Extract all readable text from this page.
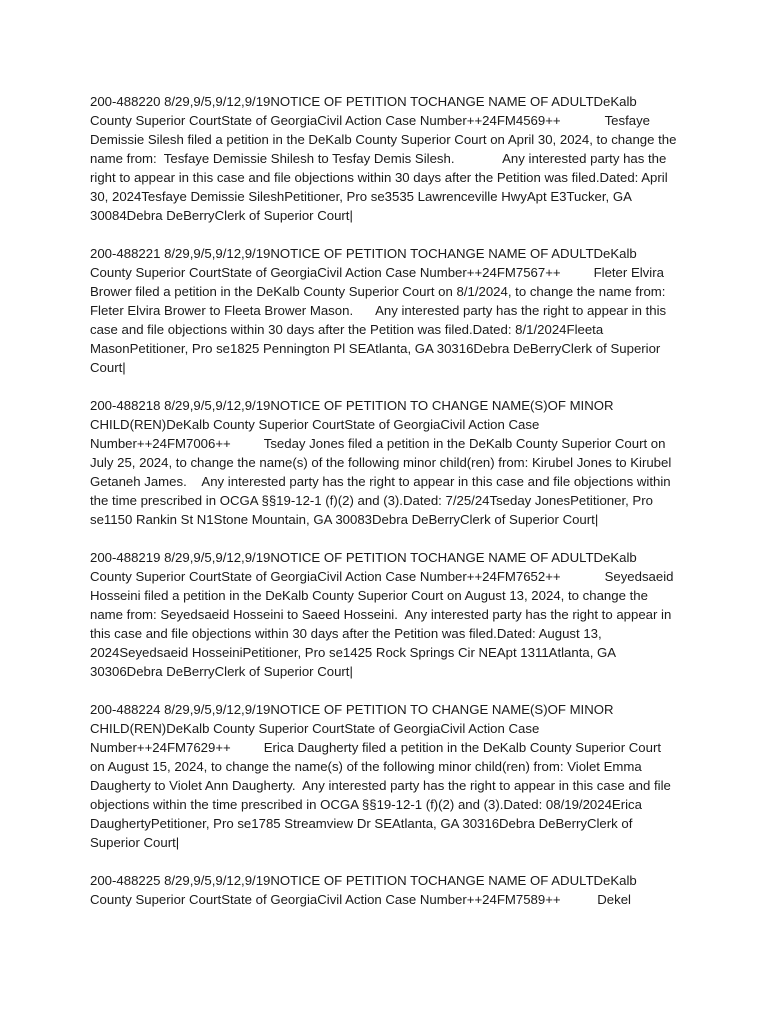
200-488220 8/29,9/5,9/12,9/19NOTICE OF PETITION TOCHANGE NAME OF ADULTDeKalb County Superior CourtState of GeorgiaCivil Action Case Number++24FM4569++            Tesfaye Demissie Silesh filed a petition in the DeKalb County Superior Court on April 30, 2024, to change the name from:  Tesfaye Demissie Shilesh to Tesfay Demis Silesh.             Any interested party has the right to appear in this case and file objections within 30 days after the Petition was filed.Dated: April 30, 2024Tesfaye Demissie SileshPetitioner, Pro se3535 Lawrenceville HwyApt E3Tucker, GA 30084Debra DeBerryClerk of Superior Court|

200-488221 8/29,9/5,9/12,9/19NOTICE OF PETITION TOCHANGE NAME OF ADULTDeKalb County Superior CourtState of GeorgiaCivil Action Case Number++24FM7567++         Fleter Elvira Brower filed a petition in the DeKalb County Superior Court on 8/1/2024, to change the name from: Fleter Elvira Brower to Fleeta Brower Mason.      Any interested party has the right to appear in this case and file objections within 30 days after the Petition was filed.Dated: 8/1/2024Fleeta MasonPetitioner, Pro se1825 Pennington Pl SEAtlanta, GA 30316Debra DeBerryClerk of Superior Court|

200-488218 8/29,9/5,9/12,9/19NOTICE OF PETITION TO CHANGE NAME(S)OF MINOR CHILD(REN)DeKalb County Superior CourtState of GeorgiaCivil Action Case Number++24FM7006++         Tseday Jones filed a petition in the DeKalb County Superior Court on July 25, 2024, to change the name(s) of the following minor child(ren) from: Kirubel Jones to Kirubel Getaneh James.    Any interested party has the right to appear in this case and file objections within the time prescribed in OCGA §§19-12-1 (f)(2) and (3).Dated: 7/25/24Tseday JonesPetitioner, Pro se1150 Rankin St N1Stone Mountain, GA 30083Debra DeBerryClerk of Superior Court|

200-488219 8/29,9/5,9/12,9/19NOTICE OF PETITION TOCHANGE NAME OF ADULTDeKalb County Superior CourtState of GeorgiaCivil Action Case Number++24FM7652++            Seyedsaeid Hosseini filed a petition in the DeKalb County Superior Court on August 13, 2024, to change the name from: Seyedsaeid Hosseini to Saeed Hosseini.  Any interested party has the right to appear in this case and file objections within 30 days after the Petition was filed.Dated: August 13, 2024Seyedsaeid HosseiniPetitioner, Pro se1425 Rock Springs Cir NEApt 1311Atlanta, GA 30306Debra DeBerryClerk of Superior Court|

200-488224 8/29,9/5,9/12,9/19NOTICE OF PETITION TO CHANGE NAME(S)OF MINOR CHILD(REN)DeKalb County Superior CourtState of GeorgiaCivil Action Case Number++24FM7629++         Erica Daugherty filed a petition in the DeKalb County Superior Court on August 15, 2024, to change the name(s) of the following minor child(ren) from: Violet Emma Daugherty to Violet Ann Daugherty.  Any interested party has the right to appear in this case and file objections within the time prescribed in OCGA §§19-12-1 (f)(2) and (3).Dated: 08/19/2024Erica DaughertyPetitioner, Pro se1785 Streamview Dr SEAtlanta, GA 30316Debra DeBerryClerk of Superior Court|

200-488225 8/29,9/5,9/12,9/19NOTICE OF PETITION TOCHANGE NAME OF ADULTDeKalb County Superior CourtState of GeorgiaCivil Action Case Number++24FM7589++          Dekel
